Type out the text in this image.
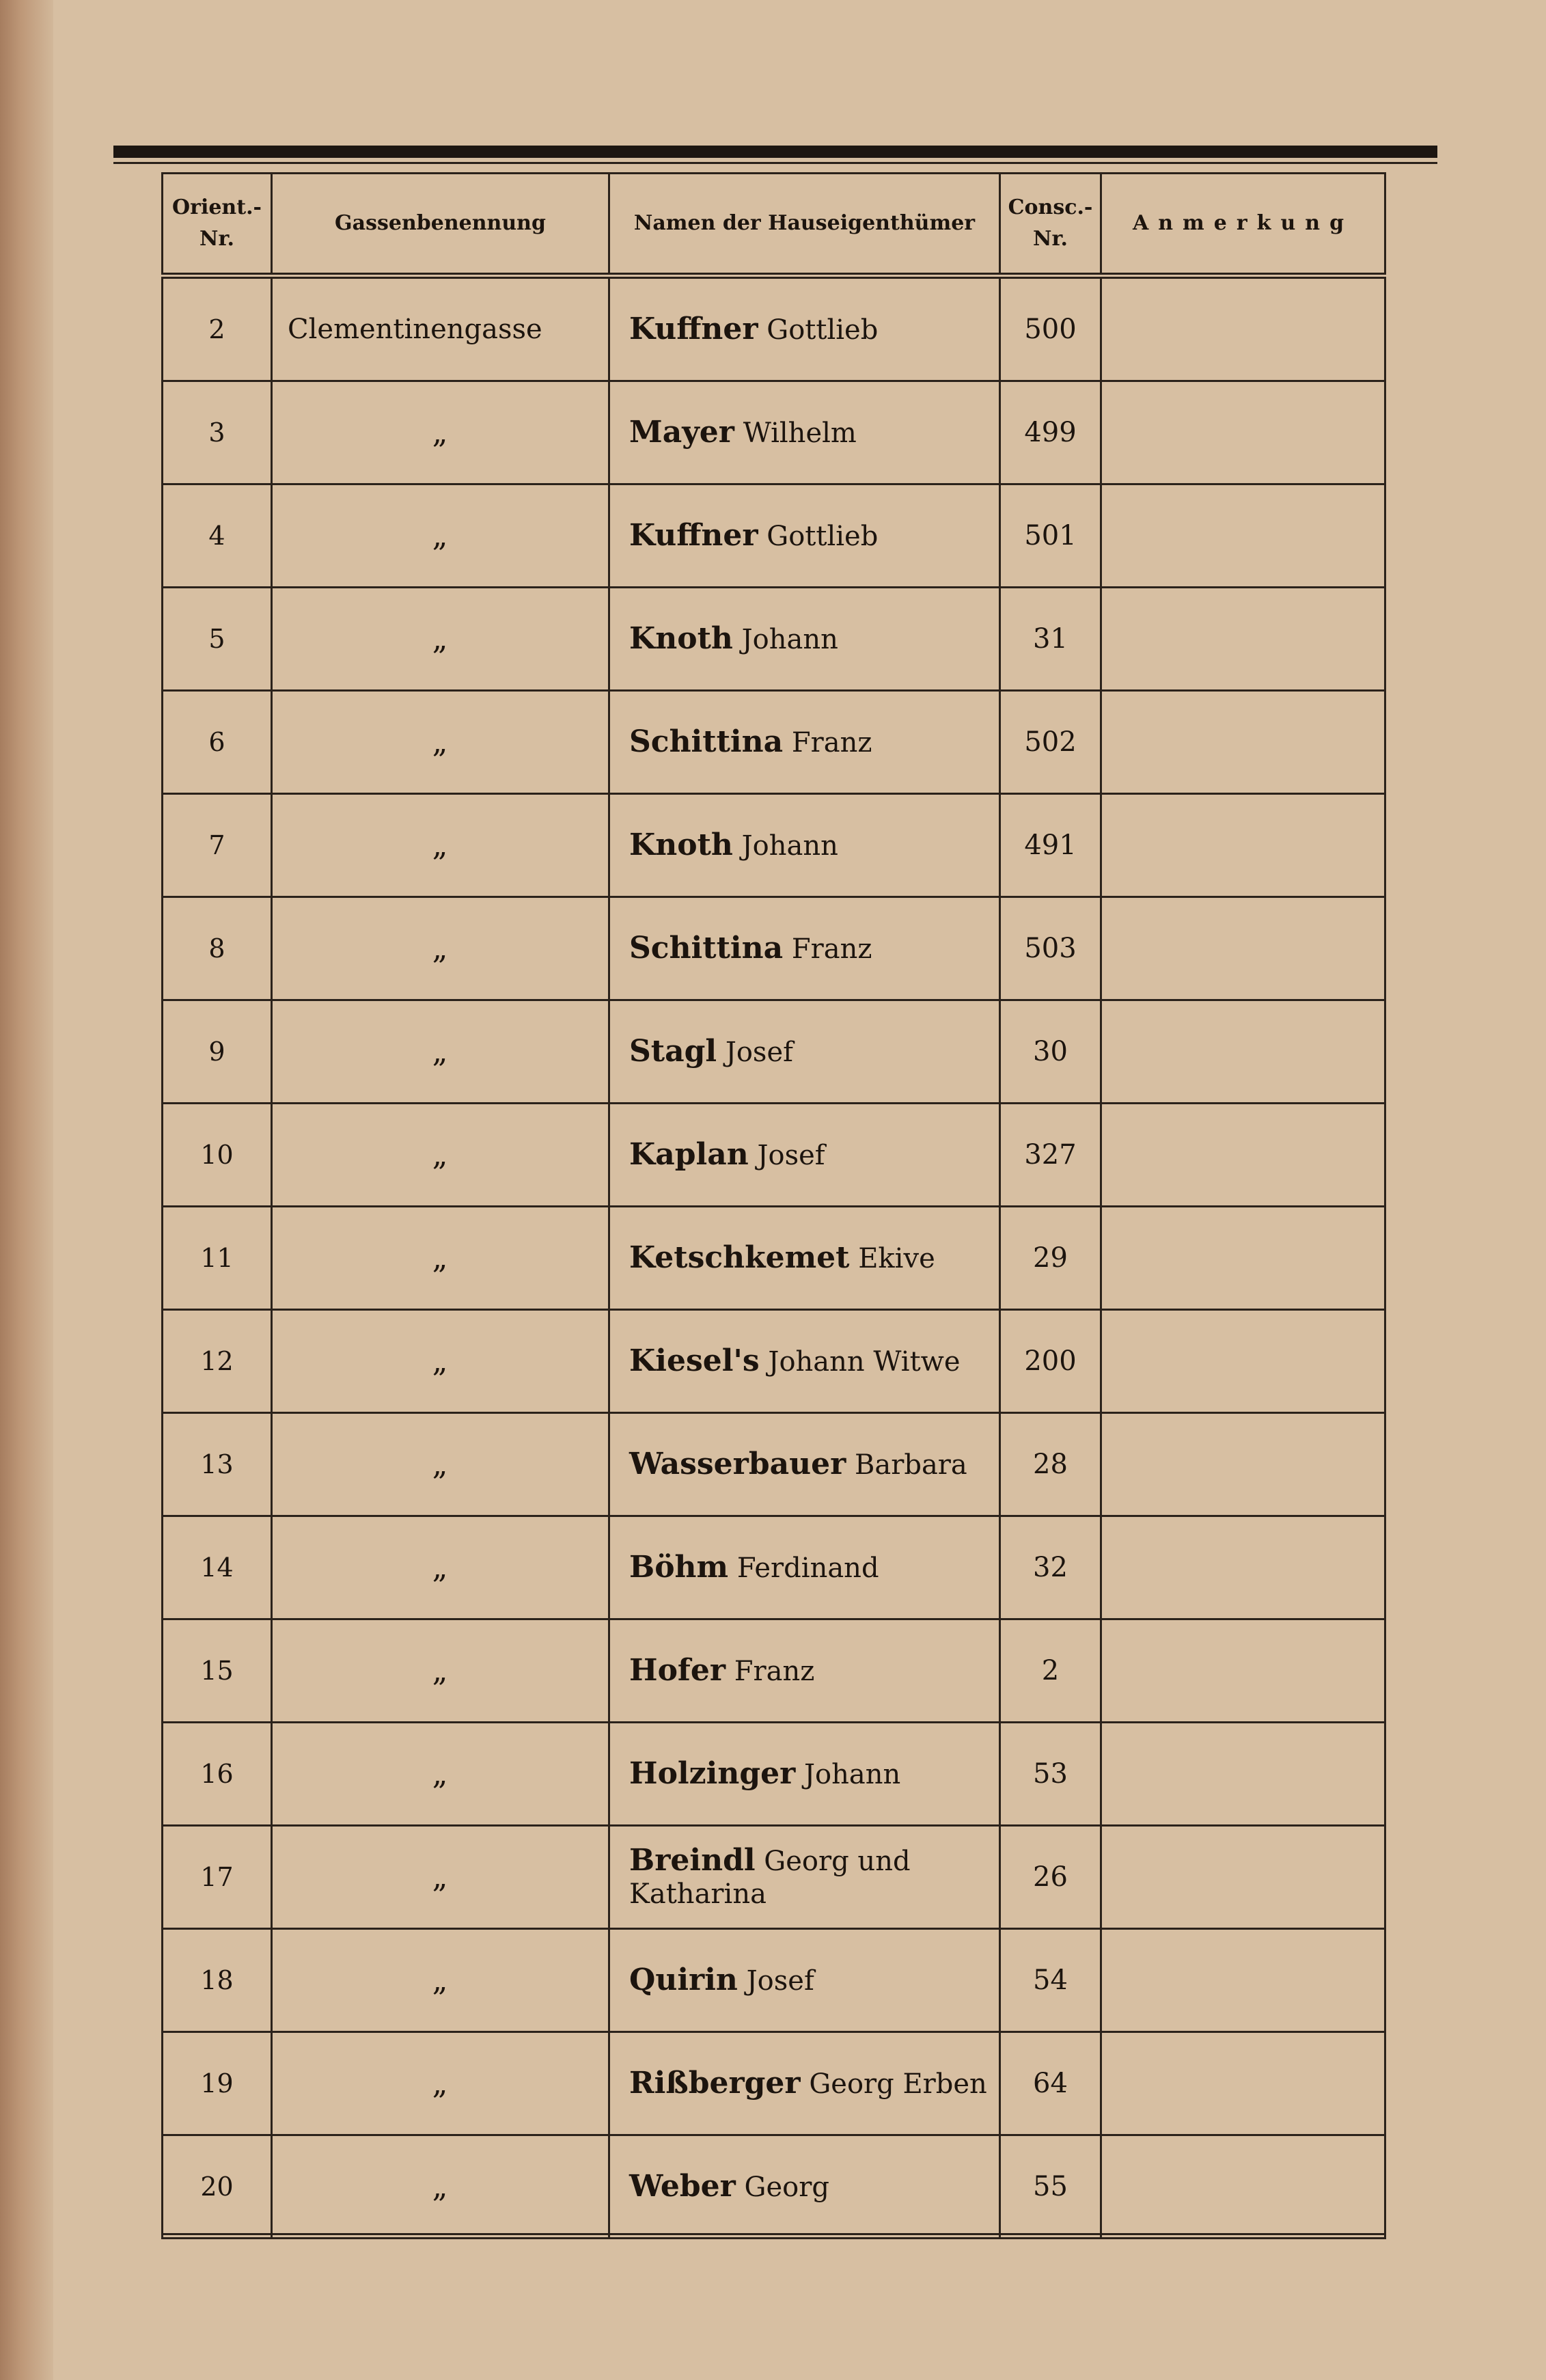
Orient.-Nr.	Gassenbenennung	Namen der Hauseigenthümer	Consc.-Nr.	Anmerkung
2	Clementinengasse	Kuffner Gottlieb	500	
3	„	Mayer Wilhelm	499	
4	„	Kuffner Gottlieb	501	
5	„	Knoth Johann	31	
6	„	Schittina Franz	502	
7	„	Knoth Johann	491	
8	„	Schittina Franz	503	
9	„	Stagl Josef	30	
10	„	Kaplan Josef	327	
11	„	Ketschkemet Ekive	29	
12	„	Kiesel's Johann Witwe	200	
13	„	Wasserbauer Barbara	28	
14	„	Böhm Ferdinand	32	
15	„	Hofer Franz	2	
16	„	Holzinger Johann	53	
17	„	Breindl Georg und Katharina	26	
18	„	Quirin Josef	54	
19	„	Rißberger Georg Erben	64	
20	„	Weber Georg	55	
